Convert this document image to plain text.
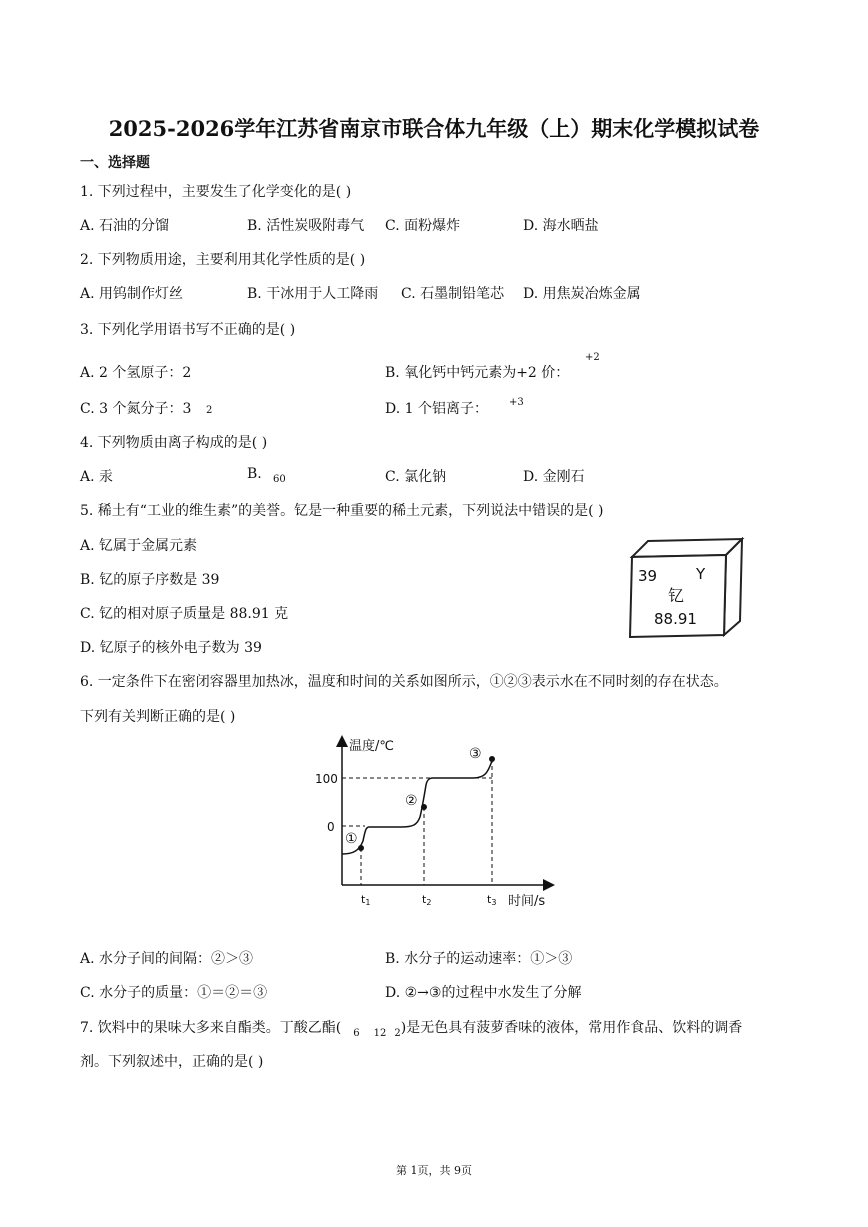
2025-2026学年江苏省南京市联合体九年级（上）期末化学模拟试卷
一、选择题
1. 下列过程中，主要发生了化学变化的是( )
A. 石油的分馏	B. 活性炭吸附毒气 C. 面粉爆炸	D. 海水晒盐
2. 下列物质用途，主要利用其化学性质的是( )
A. 用钨制作灯丝	B. 干冰用于人工降雨 C. 石墨制铅笔芯 D. 用焦炭冶炼金属
3. 下列化学用语书写不正确的是( )
A. 2 个氢原子：2	B. 氧化钙中钙元素为+2 价：
+2
C. 3 个氮分子：3 2	D. 1 个铝离子： +3
4. 下列物质由离子构成的是( )
A. 汞	B. 60	C. 氯化钠	D. 金刚石
5. 稀土有“工业的维生素”的美誉。钇是一种重要的稀土元素，下列说法中错误的是( )
A. 钇属于金属元素
B. 钇的原子序数是 39
C. 钇的相对原子质量是 88.91 克
D. 钇原子的核外电子数为 39
39	Y
钇
88.91
6. 一定条件下在密闭容器里加热冰，温度和时间的关系如图所示，①②③表示水在不同时刻的存在状态。
下列有关判断正确的是( )
温度/℃
时间/s
100
0
t1	t2	t3
①
②
③
A. 水分子间的间隔：②＞③	B. 水分子的运动速率：①＞③
C. 水分子的质量：①＝②＝③	D. ②→③的过程中水发生了分解
7. 饮料中的果味大多来自酯类。丁酸乙酯( $_6$ $_{12}$ $_2$)是无色具有菠萝香味的液体，常用作食品、饮料的调香
剂。下列叙述中，正确的是( )
第 1页，共 9页
